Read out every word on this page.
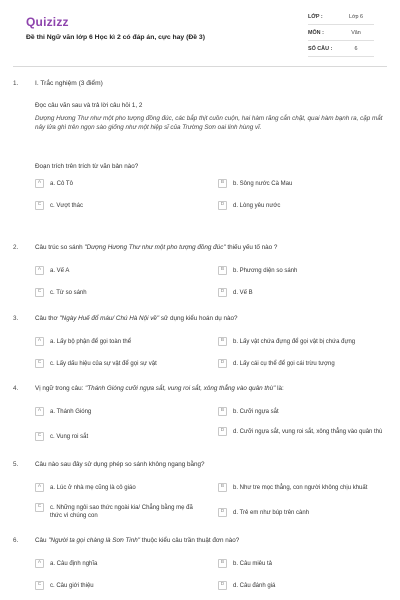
Quizizz
Đề thi Ngữ văn lớp 6 Học kì 2 có đáp án, cực hay (Đề 3)
LỚP :	Lớp 6
MÔN :	Văn
SỐ CÂU :	6
1.	I. Trắc nghiệm (3 điểm)
Đọc câu văn sau và trả lời câu hỏi 1, 2
Dượng Hương Thư như một pho tượng đồng đúc, các bắp thịt cuồn cuộn, hai hàm răng cắn chặt, quai hàm bạnh ra, cặp mắt nảy lửa ghì trên ngọn sào giống như một hiệp sĩ của Trường Sơn oai linh hùng vĩ.
Đoạn trích trên trích từ văn bản nào?
A	a. Cô Tô	B	b. Sông nước Cà Mau
C	c. Vượt thác	D	d. Lòng yêu nước
2.	Câu trúc so sánh "Dượng Hương Thư như một pho tượng đồng đúc" thiếu yếu tố nào ?
A	a. Vế A	B	b. Phương diện so sánh
C	c. Từ so sánh	D	d. Vế B
3.	Câu thơ "Ngày Huế đổ máu/ Chú Hà Nội về" sử dụng kiểu hoán dụ nào?
A	a. Lấy bộ phận để gọi toàn thể	B	b. Lấy vật chứa đựng để gọi vật bị chứa đựng
C	c. Lấy dấu hiệu của sự vật để gọi sự vật	D	d. Lấy cái cụ thể để gọi cái trừu tượng
4.	Vị ngữ trong câu: "Thánh Gióng cưỡi ngựa sắt, vung roi sắt, xông thẳng vào quân thù" là:
A	a. Thánh Gióng	B	b. Cưỡi ngựa sắt
C	c. Vung roi sắt
D	d. Cưỡi ngựa sắt, vung roi sắt, xông thẳng vào quân thù
5.	Câu nào sau đây sử dụng phép so sánh không ngang bằng?
A	a. Lúc ở nhà mẹ cũng là cô giáo	B	b. Như tre mọc thẳng, con người không chịu khuất
C	c. Những ngôi sao thức ngoài kia/ Chẳng bằng mẹ đã thức vì chúng con
D	d. Trẻ em như búp trên cành
6.	Câu "Người ta gọi chàng là Sơn Tinh" thuộc kiểu câu trần thuật đơn nào?
A	a. Câu định nghĩa	B	b. Câu miêu tả
C	c. Câu giới thiệu	D	d. Câu đánh giá
